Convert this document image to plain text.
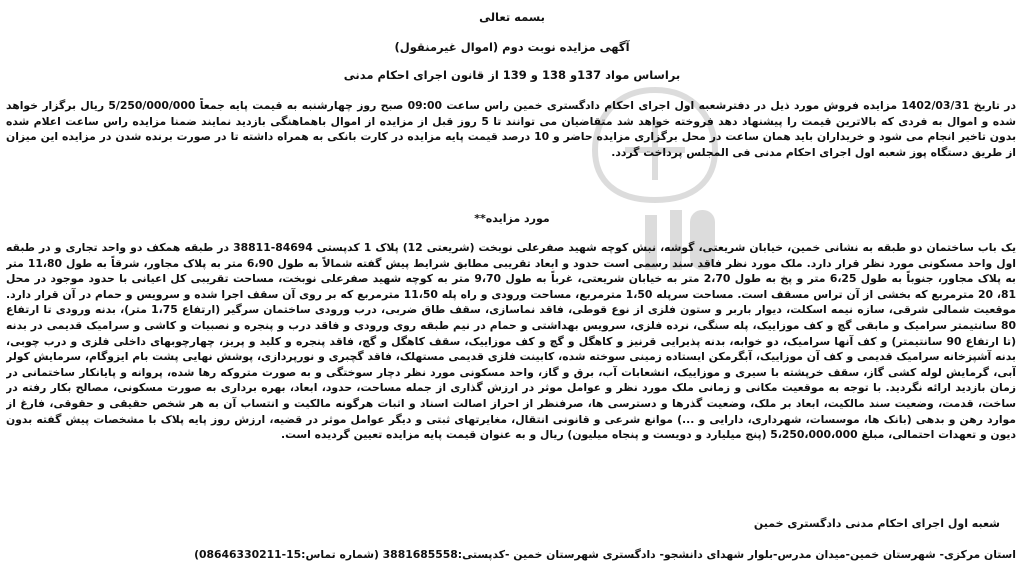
بسمه تعالی
آگهی مزایده نوبت دوم (اموال غیرمنقول)
براساس مواد 137و 138 و 139 از قانون اجرای احکام مدنی

در تاریخ 1402/03/31 مزایده فروش مورد ذیل در دفترشعبه اول اجرای احکام دادگستری خمین راس ساعت 09:00 صبح روز چهارشنبه به قیمت پایه جمعاً 5/250/000/000 ریال برگزار خواهد شده و اموال به فردی که بالاترین قیمت را پیشنهاد دهد فروخته خواهد شد متقاضیان می توانند تا 5 روز قبل از مزایده از اموال باهماهنگی بازدید نمایند ضمنا مزایده راس ساعت اعلام شده بدون تاخیر انجام می شود و خریداران باید همان ساعت در محل برگزاری مزایده حاضر و 10 درصد قیمت پایه مزایده در کارت بانکی به همراه داشته تا در صورت برنده شدن در مزایده این میزان از طریق دستگاه پوز شعبه اول اجرای احکام مدنی فی المجلس پرداخت گردد.

مورد مزایده**

یک باب ساختمان دو طبقه به نشانی خمین، خیابان شریعتی، گوشه، نبش کوچه شهید صفرعلی نوبخت (شریعتی 12) پلاک 1 کدپستی 84694-38811 در طبقه همکف دو واحد تجاری و در طبقه اول واحد مسکونی مورد نظر قرار دارد. ملک مورد نظر فاقد سند رسمی است حدود و ابعاد تقریبی مطابق شرایط پیش گفته شمالاً به طول 6،90 متر به پلاک مجاور، شرقاً به طول 11،80 متر به پلاک مجاور، جنوباً به طول 6،25 متر و پخ به طول 2،70 متر به خیابان شریعتی، غرباً به طول 9،70 متر به کوچه شهید صفرعلی نوبخت، مساحت تقریبی کل اعیانی با حدود موجود در محل 81، 20 مترمربع که بخشی از آن تراس مسقف است. مساحت سرپله 1،50 مترمربع، مساحت ورودی و راه پله 11،50 مترمربع که بر روی آن سقف اجرا شده و سرویس و حمام در آن قرار دارد. موقعیت شمالی شرقی، سازه نیمه اسکلت، دیوار باربر و ستون فلزی از نوع قوطی، فاقد نماسازی، سقف طاق ضربی، درب ورودی ساختمان سرگیر (ارتفاع 1،75 متر)، بدنه ورودی تا ارتفاع 80 سانتیمتر سرامیک و مابقی گچ و کف موزاییک، پله سنگی، نرده فلزی، سرویس بهداشتی و حمام در نیم طبقه روی ورودی و فاقد درب و پنجره و نصبیات و کاشی و سرامیک قدیمی در بدنه (تا ارتفاع 90 سانتیمتر) و کف آنها سرامیک، دو خوابه، بدنه پذیرایی قرنیز و کاهگل و گچ و کف موزاییک، سقف کاهگل و گچ، فاقد پنجره و کلید و پریز، چهارچوبهای داخلی فلزی و درب چوبی، بدنه آشپزخانه سرامیک قدیمی و کف آن موزاییک، آبگرمکن ایستاده زمینی سوخته شده، کابینت فلزی قدیمی مستهلک، فاقد گچبری و نورپردازی، پوشش نهایی پشت بام ایزوگام، سرمایش کولر آبی، گرمایش لوله کشی گاز، سقف خرپشته با سیری و موزاییک، انشعابات آب، برق و گاز، واحد مسکونی مورد نظر دچار سوختگی و به صورت متروکه رها شده، پروانه و پایانکار ساختمانی در زمان بازدید ارائه نگردید. با توجه به موقعیت مکانی و زمانی ملک مورد نظر و عوامل موثر در ارزش گذاری از جمله مساحت، حدود، ابعاد، بهره برداری به صورت مسکونی، مصالح بکار رفته در ساخت، قدمت، وضعیت سند مالکیت، ابعاد بر ملک، وضعیت گذرها و دسترسی ها، صرفنظر از احراز اصالت اسناد و اثبات هرگونه مالکیت و انتساب آن به هر شخص حقیقی و حقوقی، فارغ از موارد رهن و بدهی (بانک ها، موسسات، شهرداری، دارایی و ...) موانع شرعی و قانونی انتقال، مغایرتهای ثبتی و دیگر عوامل موثر در قضیه، ارزش روز پایه پلاک با مشخصات پیش گفته بدون دیون و تعهدات احتمالی، مبلغ 5،250،000،000 (پنج میلیارد و دویست و پنجاه میلیون) ریال و به عنوان قیمت پایه مزایده تعیین گردیده است.

شعبه اول اجرای احکام مدنی دادگستری خمین
استان مرکزی- شهرستان خمین-میدان مدرس-بلوار شهدای دانشجو- دادگستری شهرستان خمین -کدپستی:3881685558 (شماره تماس:15-08646330211)
